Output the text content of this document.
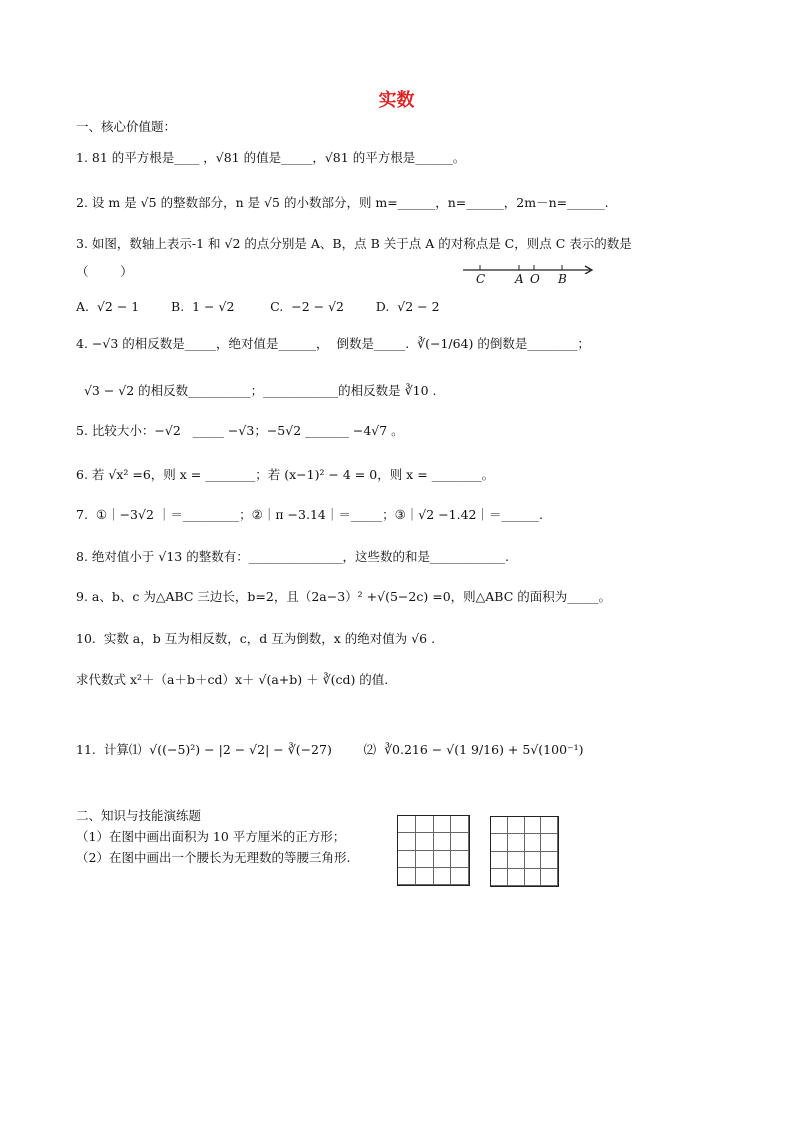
实数
一、核心价值题：
1. 81 的平方根是____ ，√81 的值是_____，√81 的平方根是______。
2. 设 m 是 √5 的整数部分，n 是 √5 的小数部分，则 m=______，n=______，2m－n=______.
3. 如图，数轴上表示-1 和 √2 的点分别是 A、B，点 B 关于点 A 的对称点是 C，则点 C 表示的数是
（        ）	C A O B
A.  √2 − 1        B.  1 − √2         C.  −2 − √2        D.  √2 − 2
4. −√3 的相反数是_____，绝对值是______，  倒数是_____.  ∛(−1/64) 的倒数是________；
√3 − √2 的相反数__________；____________的相反数是 ∛10 .
5. 比较大小：−√2   _____ −√3；−5√2 _______ −4√7 。
6. 若 √x² =6，则 x = ________；若 (x−1)² − 4 = 0，则 x = ________。
7.  ①｜−3√2 ｜＝_________；②｜π −3.14｜＝_____；③｜√2 −1.42｜＝______.
8. 绝对值小于 √13 的整数有：_______________，这些数的和是____________.
9. a、b、c 为△ABC 三边长，b=2，且（2a−3）² +√(5−2c) =0，则△ABC 的面积为_____。
10.  实数 a，b 互为相反数，c，d 互为倒数，x 的绝对值为 √6 .
求代数式 x²＋（a＋b＋cd）x＋ √(a+b) ＋ ∛(cd) 的值.
11.  计算⑴  √((−5)²) − |2 − √2| − ∛(−27)        ⑵  ∛0.216 − √(1 9/16) + 5√(100⁻¹)
二、知识与技能演练题
（1）在图中画出面积为 10 平方厘米的正方形；
（2）在图中画出一个腰长为无理数的等腰三角形.
